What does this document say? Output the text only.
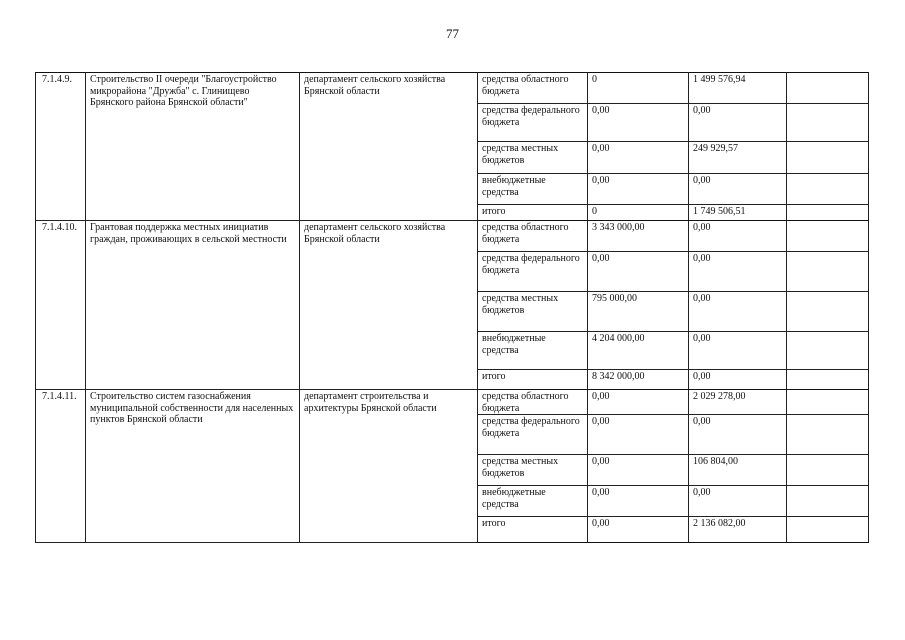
77
7.1.4.9.	Строительство II очереди "Благоустройство микрорайона "Дружба" с. Глинищево Брянского района Брянской области"	департамент сельского хозяйства Брянской области	средства областного бюджета	0	1 499 576,94	
			средства федерального бюджета	0,00	0,00	
			средства местных бюджетов	0,00	249 929,57	
			внебюджетные средства	0,00	0,00	
			итого	0	1 749 506,51	
7.1.4.10.	Грантовая поддержка местных инициатив граждан, проживающих в сельской местности	департамент сельского хозяйства Брянской области	средства областного бюджета	3 343 000,00	0,00	
			средства федерального бюджета	0,00	0,00	
			средства местных бюджетов	795 000,00	0,00	
			внебюджетные средства	4 204 000,00	0,00	
			итого	8 342 000,00	0,00	
7.1.4.11.	Строительство систем газоснабжения муниципальной собственности для населенных пунктов Брянской области	департамент строительства и архитектуры Брянской области	средства областного бюджета	0,00	2 029 278,00	
			средства федерального бюджета	0,00	0,00	
			средства местных бюджетов	0,00	106 804,00	
			внебюджетные средства	0,00	0,00	
			итого	0,00	2 136 082,00	
